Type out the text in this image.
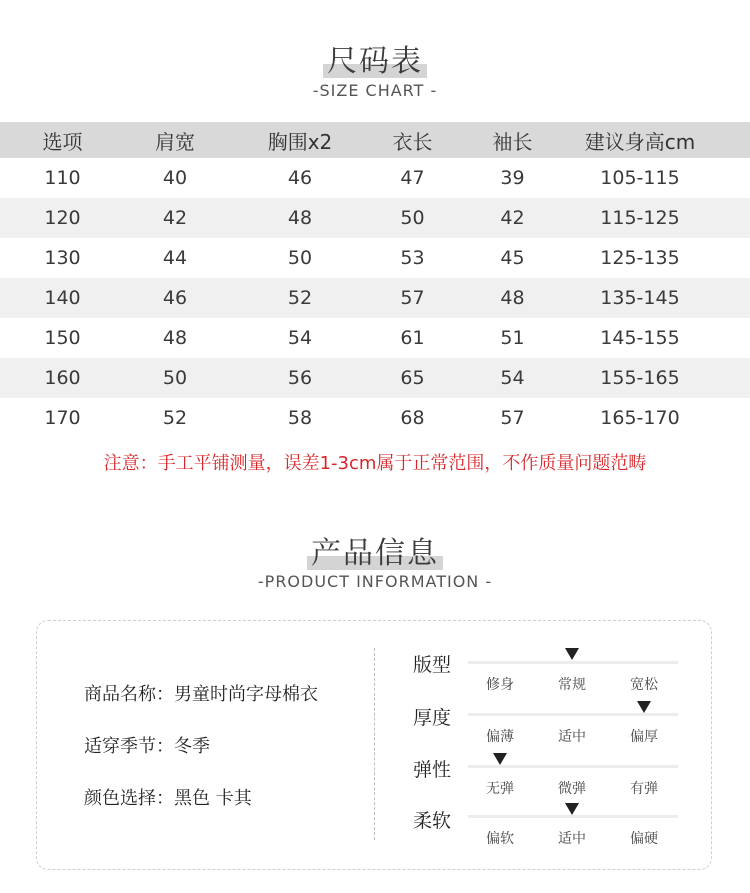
尺码表
-SIZE CHART -
选项	肩宽	胸围x2	衣长	袖长	建议身高cm
110	40	46	47	39	105-115
120	42	48	50	42	115-125
130	44	50	53	45	125-135
140	46	52	57	48	135-145
150	48	54	61	51	145-155
160	50	56	65	54	155-165
170	52	58	68	57	165-170
注意：手工平铺测量，误差1-3cm属于正常范围，不作质量问题范畴
产品信息
-PRODUCT INFORMATION -
商品名称：男童时尚字母棉衣
适穿季节：冬季
颜色选择：黑色 卡其
版型
修身	常规	宽松
厚度
偏薄	适中	偏厚
弹性
无弹	微弹	有弹
柔软
偏软	适中	偏硬
